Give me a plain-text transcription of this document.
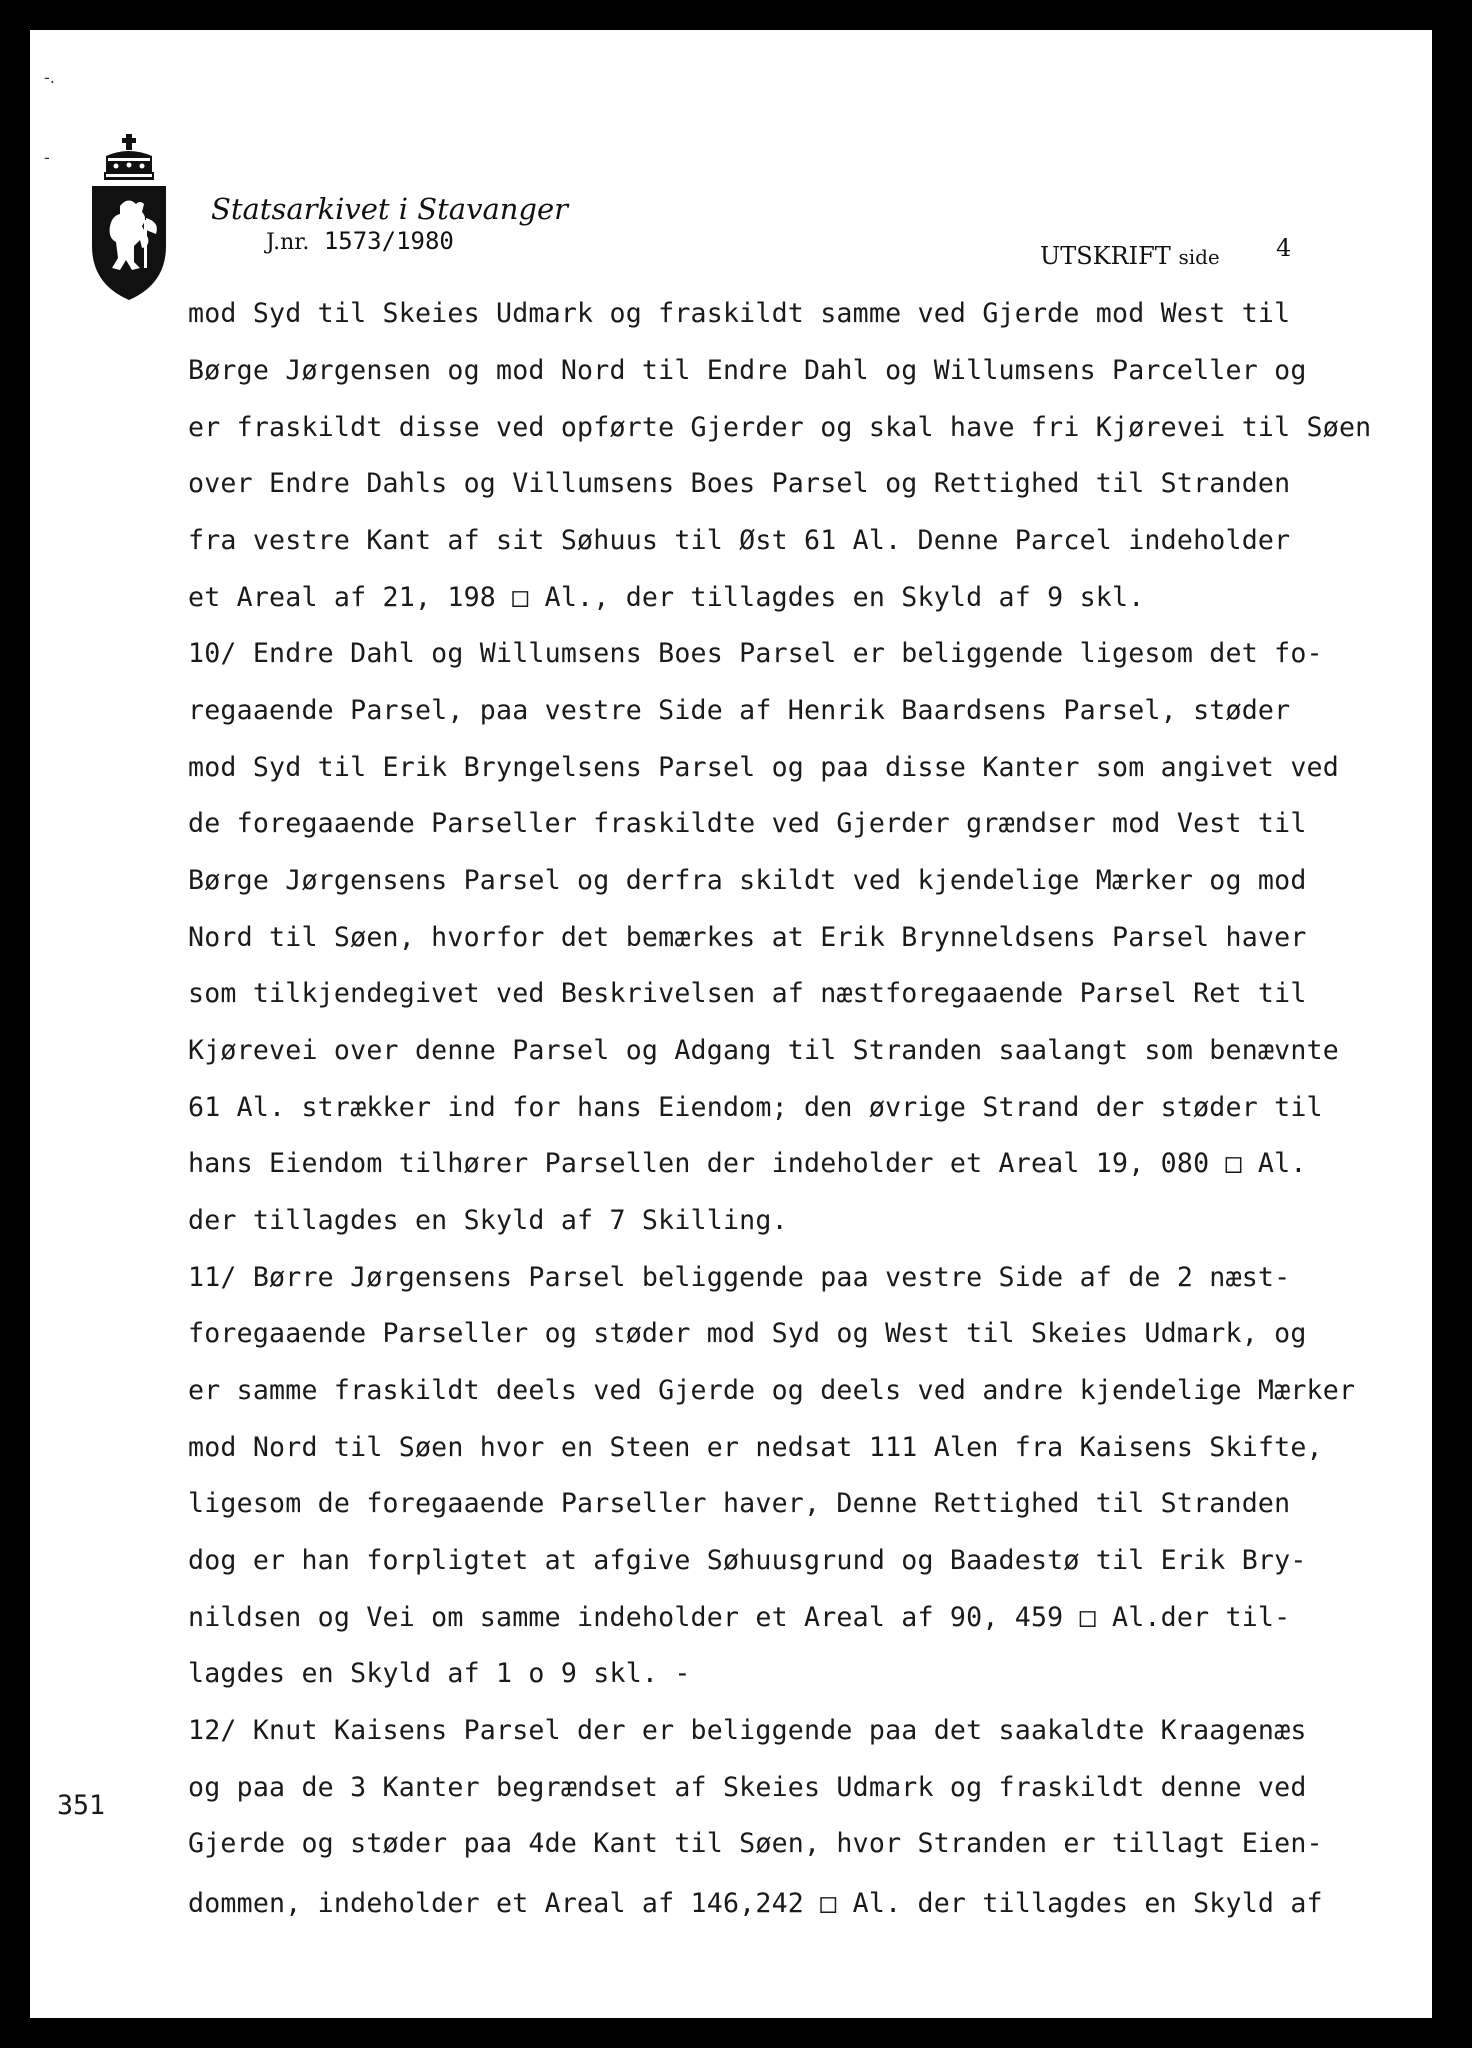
-.
-
Statsarkivet i Stavanger
J.nr. 1573/1980
UTSKRIFT side 4
mod Syd til Skeies Udmark og fraskildt samme ved Gjerde mod West til
Børge Jørgensen og mod Nord til Endre Dahl og Willumsens Parceller og
er fraskildt disse ved opførte Gjerder og skal have fri Kjørevei til Søen
over Endre Dahls og Villumsens Boes Parsel og Rettighed til Stranden
fra vestre Kant af sit Søhuus til Øst 61 Al. Denne Parcel indeholder
et Areal af 21, 198 □ Al., der tillagdes en Skyld af 9 skl.
10/ Endre Dahl og Willumsens Boes Parsel er beliggende ligesom det fo-
regaaende Parsel, paa vestre Side af Henrik Baardsens Parsel, støder
mod Syd til Erik Bryngelsens Parsel og paa disse Kanter som angivet ved
de foregaaende Parseller fraskildte ved Gjerder grændser mod Vest til
Børge Jørgensens Parsel og derfra skildt ved kjendelige Mærker og mod
Nord til Søen, hvorfor det bemærkes at Erik Brynneldsens Parsel haver
som tilkjendegivet ved Beskrivelsen af næstforegaaende Parsel Ret til
Kjørevei over denne Parsel og Adgang til Stranden saalangt som benævnte
61 Al. strækker ind for hans Eiendom; den øvrige Strand der støder til
hans Eiendom tilhører Parsellen der indeholder et Areal 19, 080 □ Al.
der tillagdes en Skyld af 7 Skilling.
11/ Børre Jørgensens Parsel beliggende paa vestre Side af de 2 næst-
foregaaende Parseller og støder mod Syd og West til Skeies Udmark, og
er samme fraskildt deels ved Gjerde og deels ved andre kjendelige Mærker
mod Nord til Søen hvor en Steen er nedsat 111 Alen fra Kaisens Skifte,
ligesom de foregaaende Parseller haver, Denne Rettighed til Stranden
dog er han forpligtet at afgive Søhuusgrund og Baadestø til Erik Bry-
nildsen og Vei om samme indeholder et Areal af 90, 459 □ Al.der til-
lagdes en Skyld af 1 o 9 skl. -
12/ Knut Kaisens Parsel der er beliggende paa det saakaldte Kraagenæs
og paa de 3 Kanter begrændset af Skeies Udmark og fraskildt denne ved
Gjerde og støder paa 4de Kant til Søen, hvor Stranden er tillagt Eien-
dommen, indeholder et Areal af 146,242 □ Al. der tillagdes en Skyld af
351
